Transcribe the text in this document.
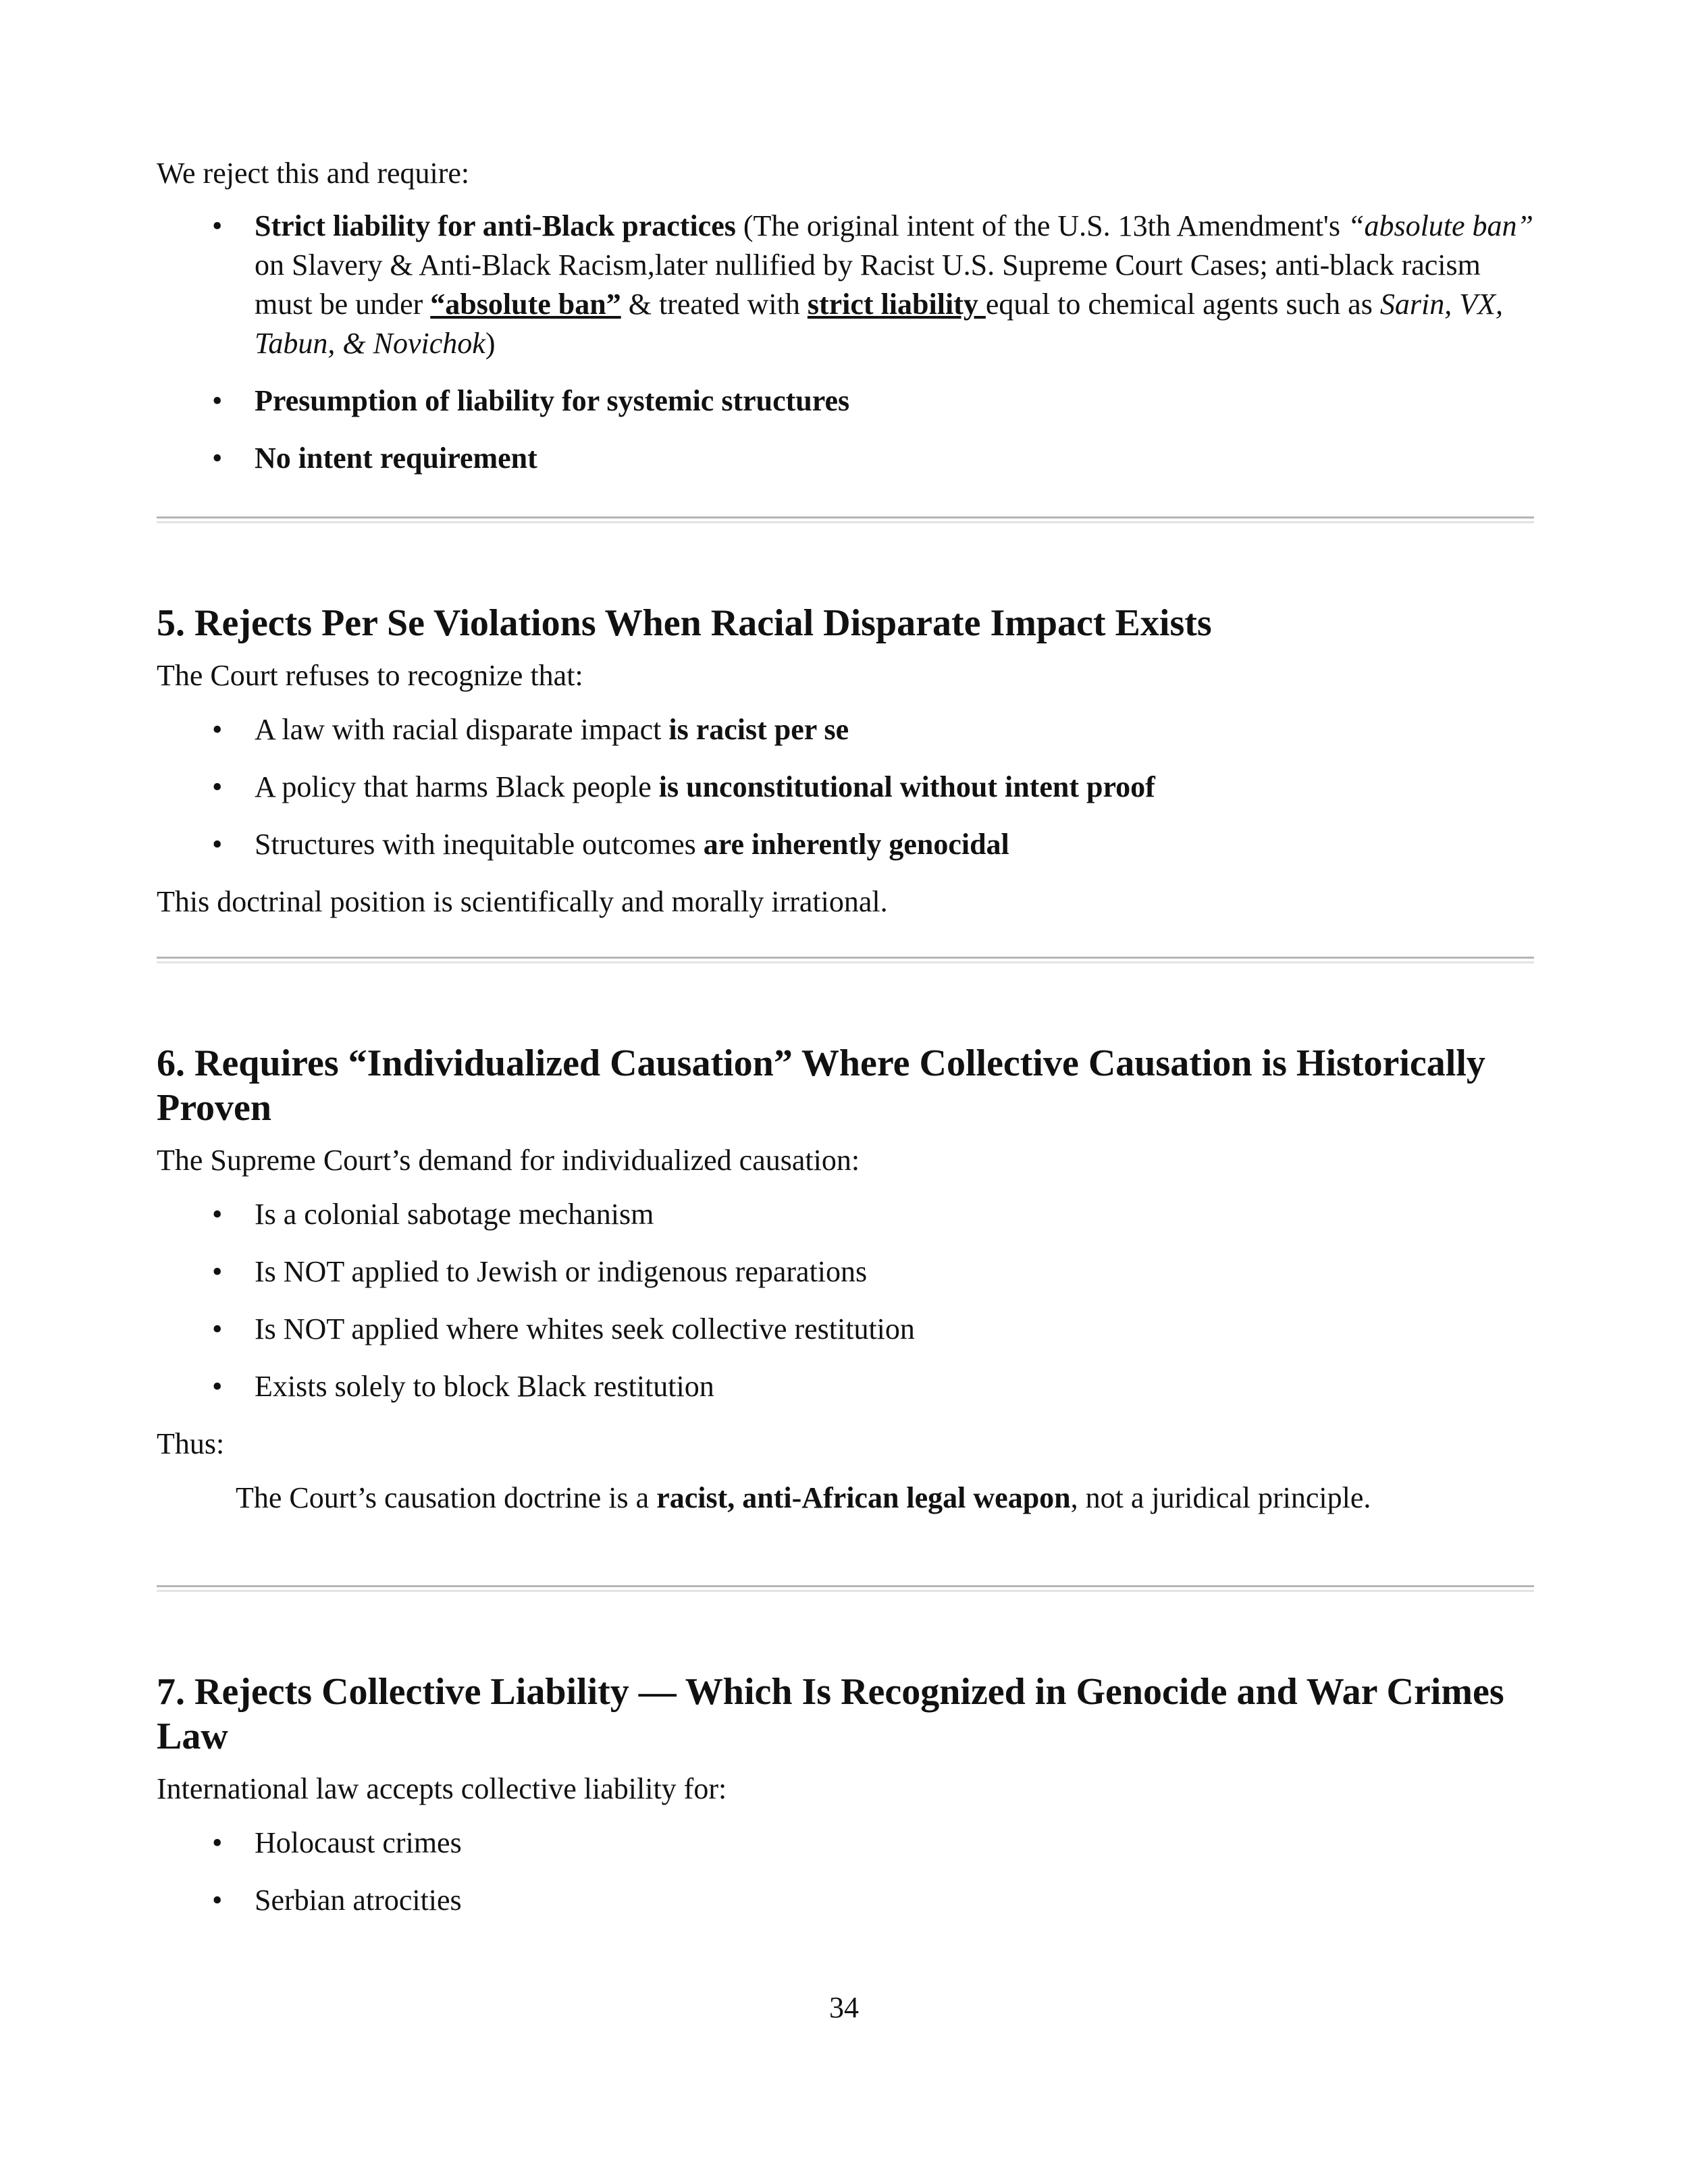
We reject this and require:

• Strict liability for anti-Black practices (The original intent of the U.S. 13th Amendment's “absolute ban” on Slavery & Anti-Black Racism,later nullified by Racist U.S. Supreme Court Cases; anti-black racism must be under “absolute ban” & treated with strict liability equal to chemical agents such as Sarin, VX, Tabun, & Novichok)
• Presumption of liability for systemic structures
• No intent requirement
5. Rejects Per Se Violations When Racial Disparate Impact Exists

The Court refuses to recognize that:

• A law with racial disparate impact is racist per se
• A policy that harms Black people is unconstitutional without intent proof
• Structures with inequitable outcomes are inherently genocidal

This doctrinal position is scientifically and morally irrational.

6. Requires “Individualized Causation” Where Collective Causation is Historically Proven

The Supreme Court’s demand for individualized causation:

• Is a colonial sabotage mechanism
• Is NOT applied to Jewish or indigenous reparations
• Is NOT applied where whites seek collective restitution
• Exists solely to block Black restitution

Thus:

The Court’s causation doctrine is a racist, anti-African legal weapon, not a juridical principle.
7. Rejects Collective Liability — Which Is Recognized in Genocide and War Crimes Law

International law accepts collective liability for:

• Holocaust crimes
• Serbian atrocities
34
